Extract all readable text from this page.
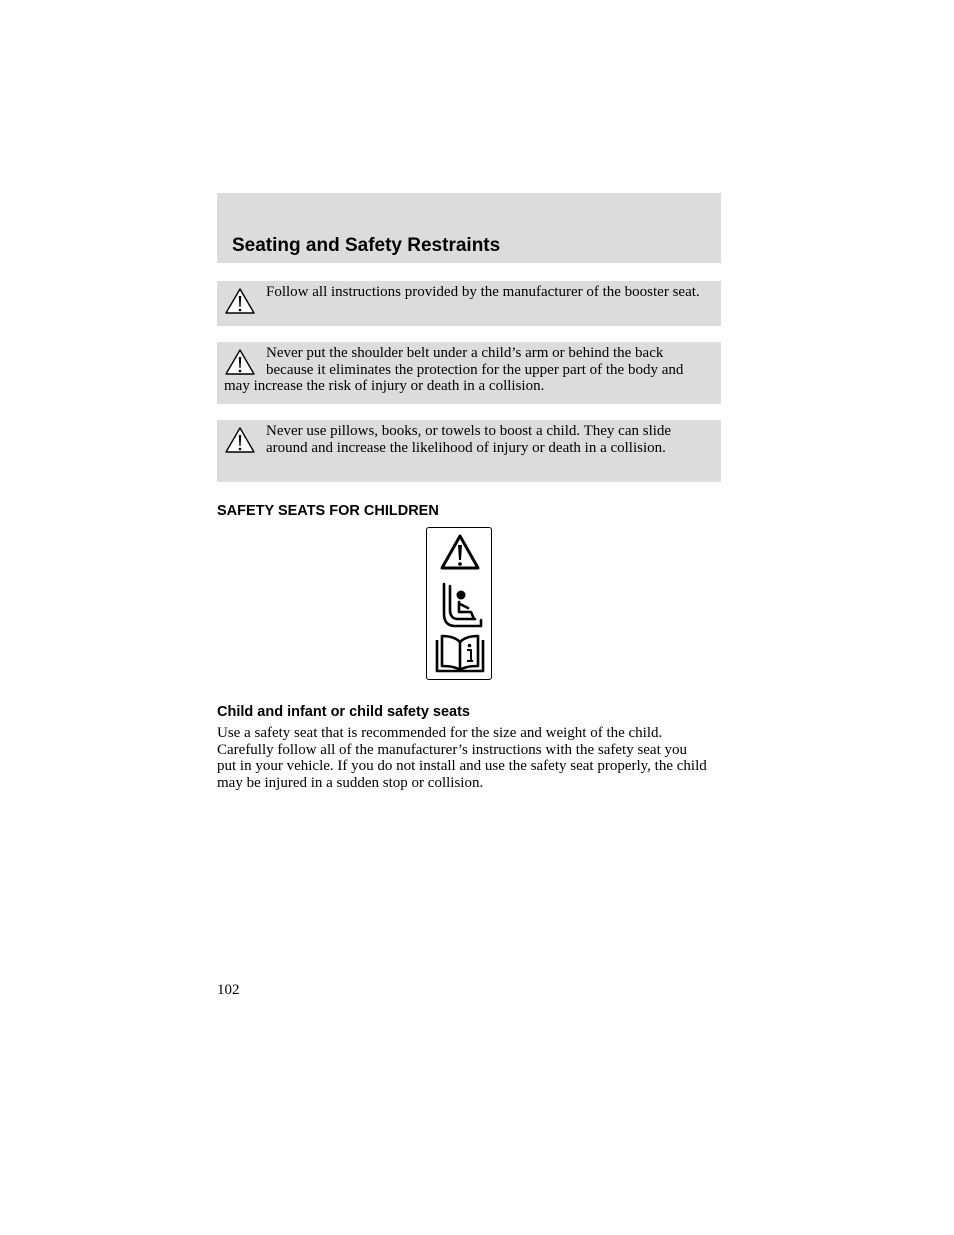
Seating and Safety Restraints
Follow all instructions provided by the manufacturer of the booster seat.
Never put the shoulder belt under a child’s arm or behind the back because it eliminates the protection for the upper part of the body and may increase the risk of injury or death in a collision.
Never use pillows, books, or towels to boost a child. They can slide around and increase the likelihood of injury or death in a collision.
SAFETY SEATS FOR CHILDREN
Child and infant or child safety seats

Use a safety seat that is recommended for the size and weight of the child. Carefully follow all of the manufacturer’s instructions with the safety seat you put in your vehicle. If you do not install and use the safety seat properly, the child may be injured in a sudden stop or collision.

102
